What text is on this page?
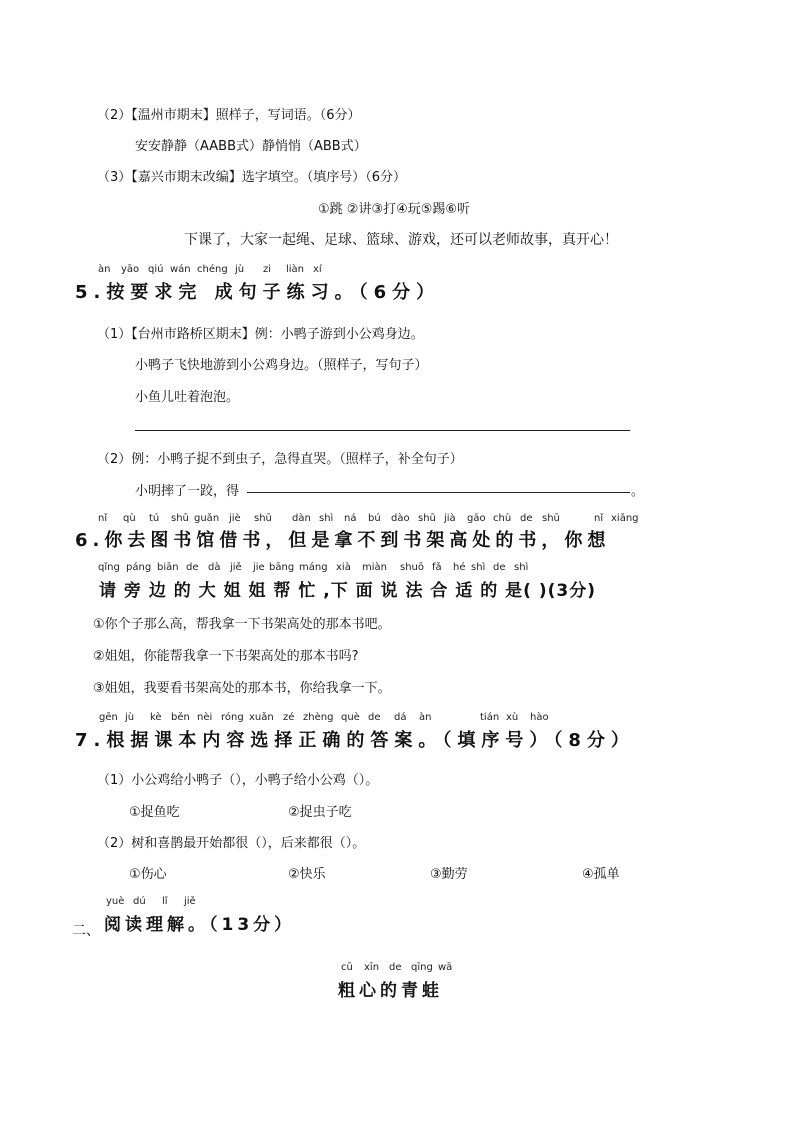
（2）【温州市期末】照样子，写词语。（6分）
安安静静（AABB式）静悄悄（ABB式）
（3）【嘉兴市期末改编】选字填空。（填序号）（6分）
①跳 ②讲③打④玩⑤踢⑥听
下课了，大家一起绳、足球、篮球、游戏，还可以老师故事，真开心！
àn yāo qiú wán chéng jù zi liàn xí
5.按要求完 成句子练习。（6分）
（1）【台州市路桥区期末】例：小鸭子游到小公鸡身边。
小鸭子飞快地游到小公鸡身边。（照样子，写句子）
小鱼儿吐着泡泡。
（2）例：小鸭子捉不到虫子，急得直哭。（照样子，补全句子）
小明摔了一跤，得	。
nǐ qù tú shū guǎn jiè shū dàn shì ná bú dào shū jià gāo chù de shū	nǐ xiǎng
6.你去图书馆借书，但是拿不到书架高处的书，你想
qǐng páng biān de dà jiě jie bāng máng xià miàn shuō fǎ hé shì de shì
请 旁 边 的 大 姐 姐 帮 忙 ,下 面 说 法 合 适 的 是( )(3分)
①你个子那么高，帮我拿一下书架高处的那本书吧。
②姐姐，你能帮我拿一下书架高处的那本书吗?
③姐姐，我要看书架高处的那本书，你给我拿一下。
gēn jù kè běn nèi róng xuǎn zé zhèng què de dá àn	tián xù hào
7.根据课本内容选择正确的答案。（填序号）（8分）
（1）小公鸡给小鸭子（），小鸭子给小公鸡（）。
①捉鱼吃	②捉虫子吃
（2）树和喜鹊最开始都很（），后来都很（）。
①伤心	②快乐	③勤劳	④孤单
yuè dú lǐ jiě
二、 阅读理解。（13分）
cū xīn de qīng wā
粗心的青蛙
